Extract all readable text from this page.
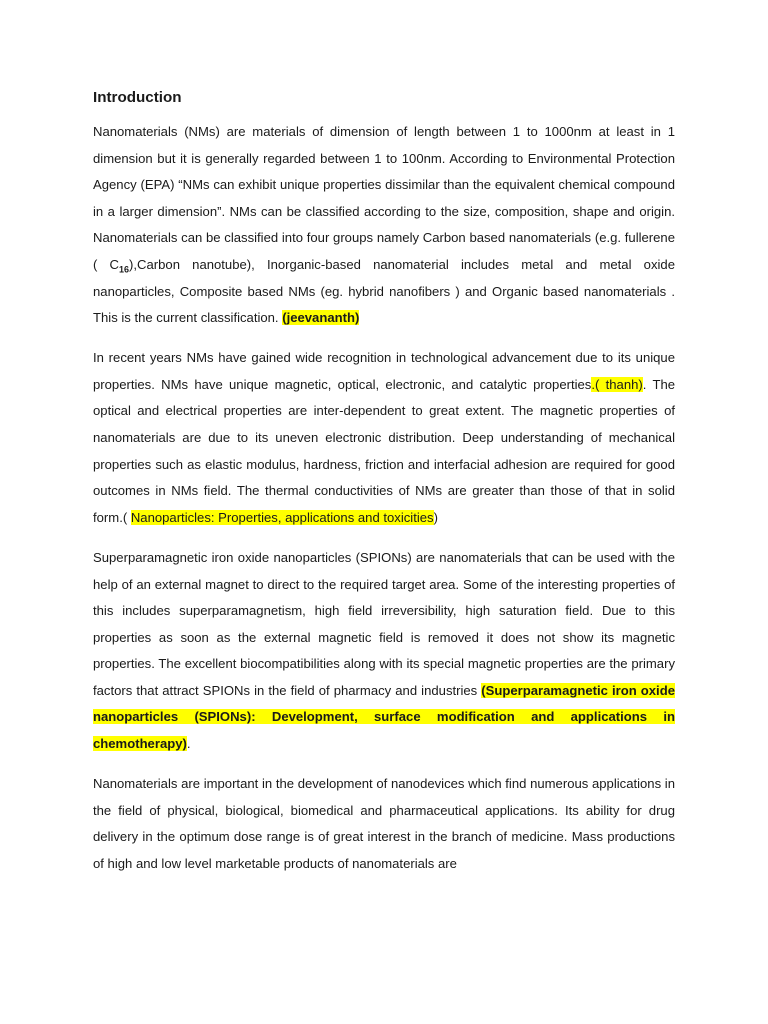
Introduction

Nanomaterials (NMs) are materials of dimension of length between 1 to 1000nm at least in 1 dimension but it is generally regarded between 1 to 100nm. According to Environmental Protection Agency (EPA) “NMs can exhibit unique properties dissimilar than the equivalent chemical compound in a larger dimension”. NMs can be classified according to the size, composition, shape and origin. Nanomaterials can be classified into four groups namely Carbon based nanomaterials (e.g. fullerene ( $C_{16}),Carbon$ nanotube), Inorganic-based nanomaterial includes metal and metal oxide nanoparticles, Composite based NMs (eg. hybrid nanofibers ) and Organic based nanomaterials . This is the current classification. (jeevananth)

In recent years NMs have gained wide recognition in technological advancement due to its unique properties. NMs have unique magnetic, optical, electronic, and catalytic properties.( thanh). The optical and electrical properties are inter-dependent to great extent. The magnetic properties of nanomaterials are due to its uneven electronic distribution. Deep understanding of mechanical properties such as elastic modulus, hardness, friction and interfacial adhesion are required for good outcomes in NMs field. The thermal conductivities of NMs are greater than those of that in solid form.( Nanoparticles: Properties, applications and toxicities)

Superparamagnetic iron oxide nanoparticles (SPIONs) are nanomaterials that can be used with the help of an external magnet to direct to the required target area. Some of the interesting properties of this includes superparamagnetism, high field irreversibility, high saturation field. Due to this properties as soon as the external magnetic field is removed it does not show its magnetic properties. The excellent biocompatibilities along with its special magnetic properties are the primary factors that attract SPIONs in the field of pharmacy and industries (Superparamagnetic iron oxide nanoparticles (SPIONs): Development, surface modification and applications in chemotherapy).

Nanomaterials are important in the development of nanodevices which find numerous applications in the field of physical, biological, biomedical and pharmaceutical applications. Its ability for drug delivery in the optimum dose range is of great interest in the branch of medicine. Mass productions of high and low level marketable products of nanomaterials are
